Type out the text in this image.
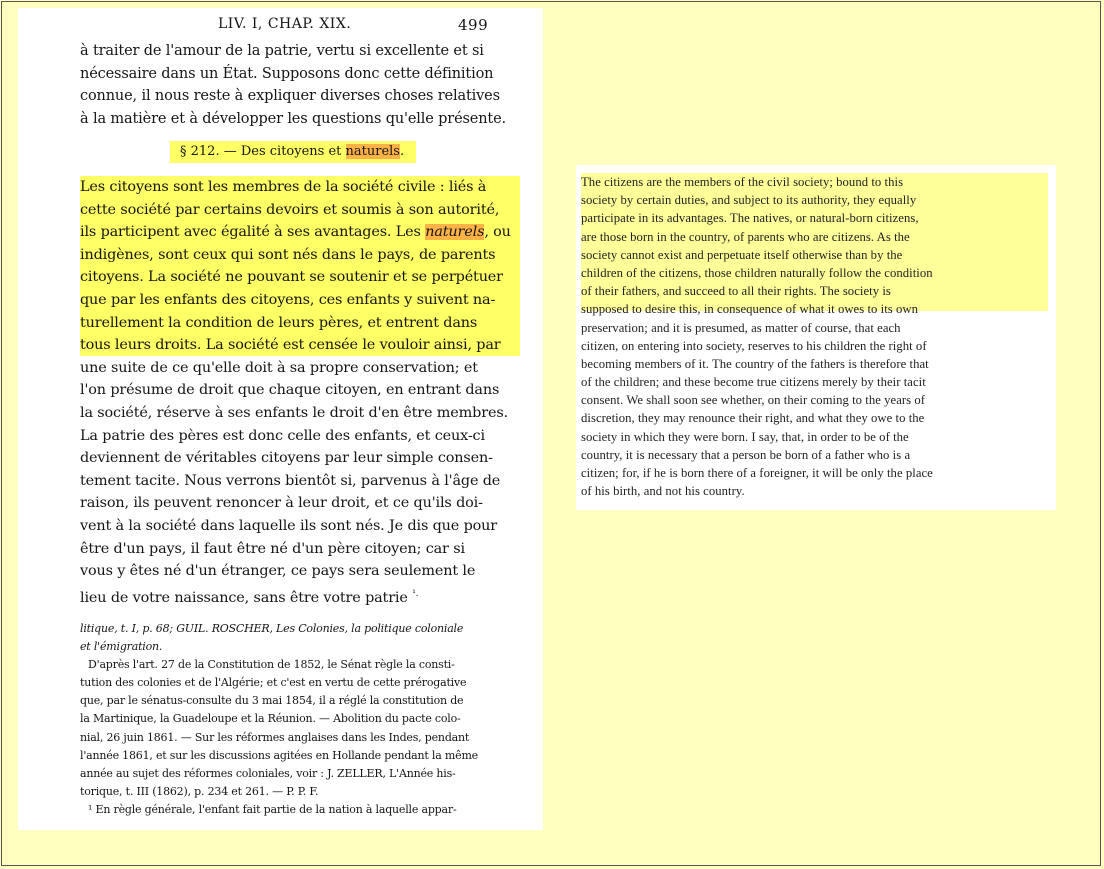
LIV. I, CHAP. XIX.	499
à traiter de l'amour de la patrie, vertu si excellente et si
nécessaire dans un État. Supposons donc cette définition
connue, il nous reste à expliquer diverses choses relatives
à la matière et à développer les questions qu'elle présente.
§ 212. — Des citoyens et naturels.
Les citoyens sont les membres de la société civile : liés à
cette société par certains devoirs et soumis à son autorité,
ils participent avec égalité à ses avantages. Les naturels, ou
indigènes, sont ceux qui sont nés dans le pays, de parents
citoyens. La société ne pouvant se soutenir et se perpétuer
que par les enfants des citoyens, ces enfants y suivent na-
turellement la condition de leurs pères, et entrent dans
tous leurs droits. La société est censée le vouloir ainsi, par
une suite de ce qu'elle doit à sa propre conservation; et
l'on présume de droit que chaque citoyen, en entrant dans
la société, réserve à ses enfants le droit d'en être membres.
La patrie des pères est donc celle des enfants, et ceux-ci
deviennent de véritables citoyens par leur simple consen-
tement tacite. Nous verrons bientôt si, parvenus à l'âge de
raison, ils peuvent renoncer à leur droit, et ce qu'ils doi-
vent à la société dans laquelle ils sont nés. Je dis que pour
être d'un pays, il faut être né d'un père citoyen; car si
vous y êtes né d'un étranger, ce pays sera seulement le
lieu de votre naissance, sans être votre patrie $^{^1.}$
litique, t. I, p. 68; GUIL. ROSCHER, Les Colonies, la politique coloniale
et l'émigration.
D'après l'art. 27 de la Constitution de 1852, le Sénat règle la consti-
tution des colonies et de l'Algérie; et c'est en vertu de cette prérogative
que, par le sénatus-consulte du 3 mai 1854, il a réglé la constitution de
la Martinique, la Guadeloupe et la Réunion. — Abolition du pacte colo-
nial, 26 juin 1861. — Sur les réformes anglaises dans les Indes, pendant
l'année 1861, et sur les discussions agitées en Hollande pendant la même
année au sujet des réformes coloniales, voir : J. ZELLER, L'Année his-
torique, t. III (1862), p. 234 et 261. — P. P. F.
¹ En règle générale, l'enfant fait partie de la nation à laquelle appar-
The citizens are the members of the civil society; bound to this
society by certain duties, and subject to its authority, they equally
participate in its advantages. The natives, or natural-born citizens,
are those born in the country, of parents who are citizens. As the
society cannot exist and perpetuate itself otherwise than by the
children of the citizens, those children naturally follow the condition
of their fathers, and succeed to all their rights. The society is
supposed to desire this, in consequence of what it owes to its own
preservation; and it is presumed, as matter of course, that each
citizen, on entering into society, reserves to his children the right of
becoming members of it. The country of the fathers is therefore that
of the children; and these become true citizens merely by their tacit
consent. We shall soon see whether, on their coming to the years of
discretion, they may renounce their right, and what they owe to the
society in which they were born. I say, that, in order to be of the
country, it is necessary that a person be born of a father who is a
citizen; for, if he is born there of a foreigner, it will be only the place
of his birth, and not his country.
